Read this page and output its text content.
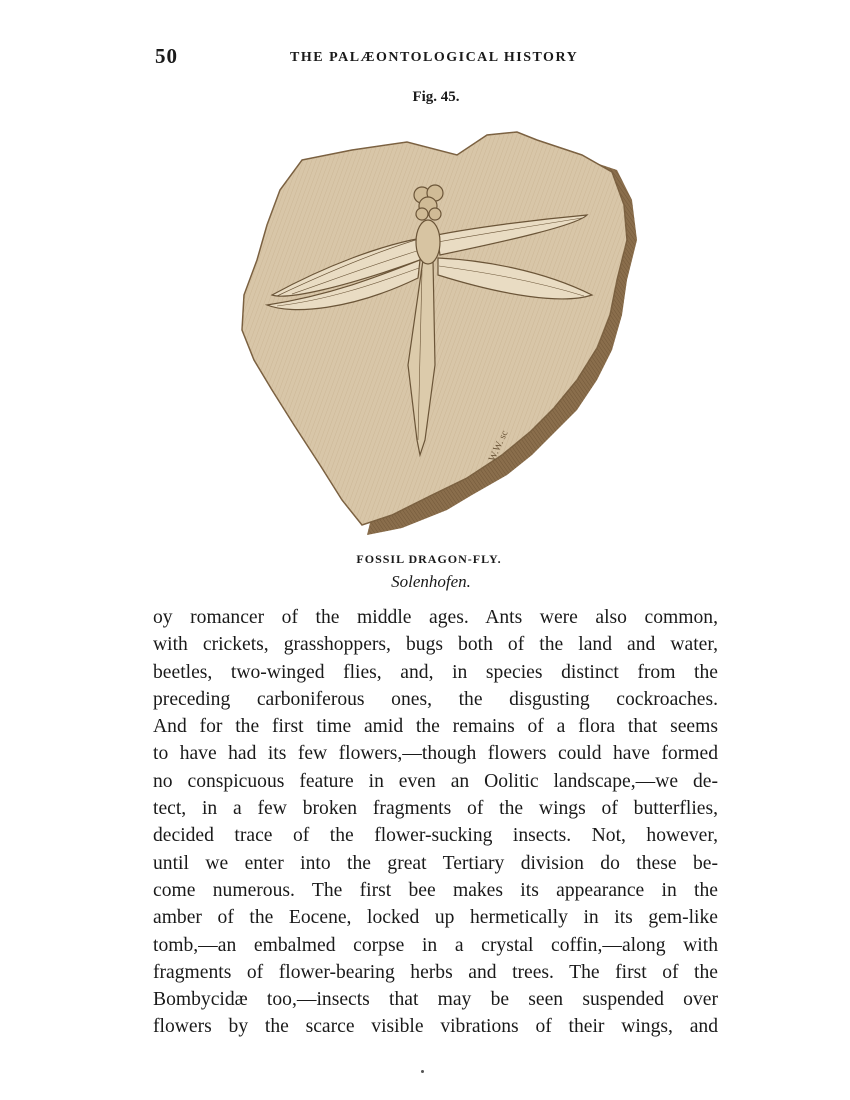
50	THE PALÆONTOLOGICAL HISTORY
Fig. 45.
W.W. sc
FOSSIL DRAGON-FLY.
Solenhofen.
oy romancer of the middle ages. Ants were also common,
with crickets, grasshoppers, bugs both of the land and water,
beetles, two-winged flies, and, in species distinct from the
preceding carboniferous ones, the disgusting cockroaches.
And for the first time amid the remains of a flora that seems
to have had its few flowers,—though flowers could have formed
no conspicuous feature in even an Oolitic landscape,—we de-
tect, in a few broken fragments of the wings of butterflies,
decided trace of the flower-sucking insects. Not, however,
until we enter into the great Tertiary division do these be-
come numerous. The first bee makes its appearance in the
amber of the Eocene, locked up hermetically in its gem-like
tomb,—an embalmed corpse in a crystal coffin,—along with
fragments of flower-bearing herbs and trees. The first of the
Bombycidæ too,—insects that may be seen suspended over
flowers by the scarce visible vibrations of their wings, and
